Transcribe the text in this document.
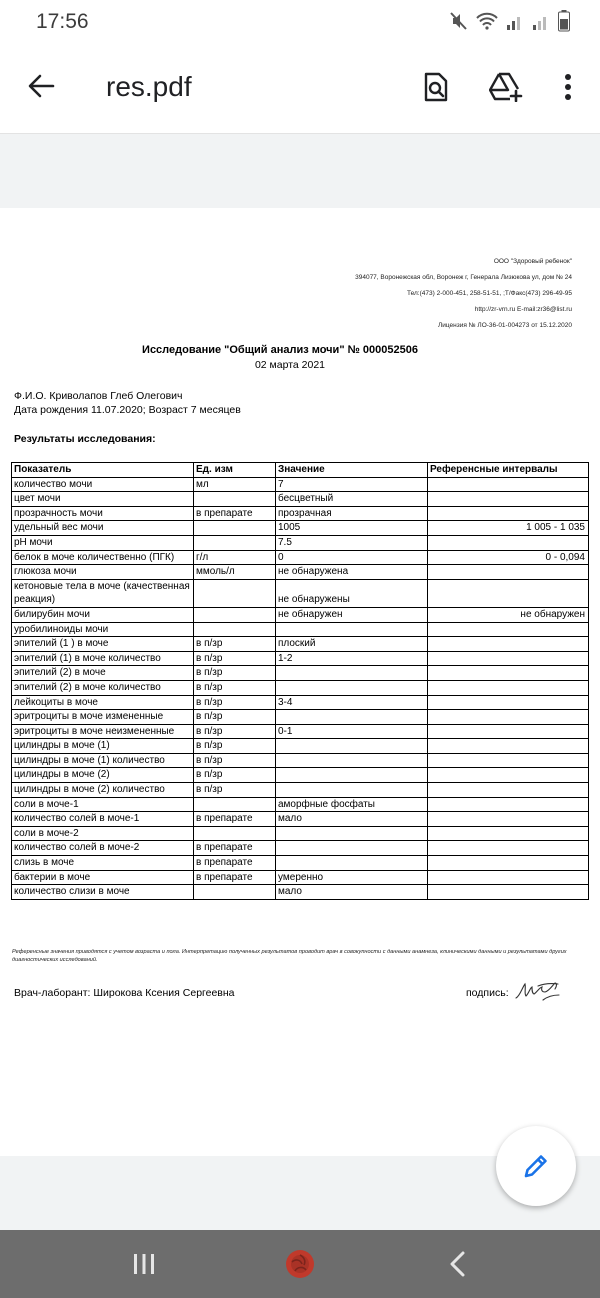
17:56
res.pdf
ООО "Здоровый ребенок"
394077, Воронежская обл, Воронеж г, Генерала Лизюкова ул, дом № 24
Тел:(473) 2-000-451, 258-51-51, ;Т/Факс(473) 296-49-95
http://zr-vrn.ru E-mail:zr36@list.ru
Лицензия № ЛО-36-01-004273 от 15.12.2020
Исследование "Общий анализ мочи" № 000052506
02 марта 2021
Ф.И.О. Криволапов Глеб Олегович
Дата рождения 11.07.2020; Возраст 7 месяцев
Результаты исследования:
Показатель	Ед. изм	Значение	Референсные интервалы
количество мочи	мл	7	
цвет мочи		бесцветный	
прозрачность мочи	в препарате	прозрачная	
удельный вес мочи		1005	1 005 - 1 035
pH мочи		7.5	
белок в моче количественно (ПГК)	г/л	0	0 - 0,094
глюкоза мочи	ммоль/л	не обнаружена	
кетоновые тела в моче (качественная реакция)		не обнаружены	
билирубин мочи		не обнаружен	не обнаружен
уробилиноиды мочи			
эпителий (1 ) в моче	в п/зр	плоский	
эпителий (1) в моче количество	в п/зр	1-2	
эпителий (2) в моче	в п/зр		
эпителий (2) в моче количество	в п/зр		
лейкоциты в моче	в п/зр	3-4	
эритроциты в моче измененные	в п/зр		
эритроциты в моче неизмененные	в п/зр	0-1	
цилиндры в моче (1)	в п/зр		
цилиндры в моче (1) количество	в п/зр		
цилиндры в моче (2)	в п/зр		
цилиндры в моче (2) количество	в п/зр		
соли в моче-1		аморфные фосфаты	
количество солей в моче-1	в препарате	мало	
соли в моче-2			
количество солей в моче-2	в препарате		
слизь в моче	в препарате		
бактерии в моче	в препарате	умеренно	
количество слизи в моче		мало	
Референсные значения приводятся с учетом возраста и пола. Интерпретацию полученных результатов проводит врач в совокупности с данными анамнеза, клиническими данными и результатами других диагностических исследований.
Врач-лаборант: Широкова Ксения Сергеевна	подпись:
